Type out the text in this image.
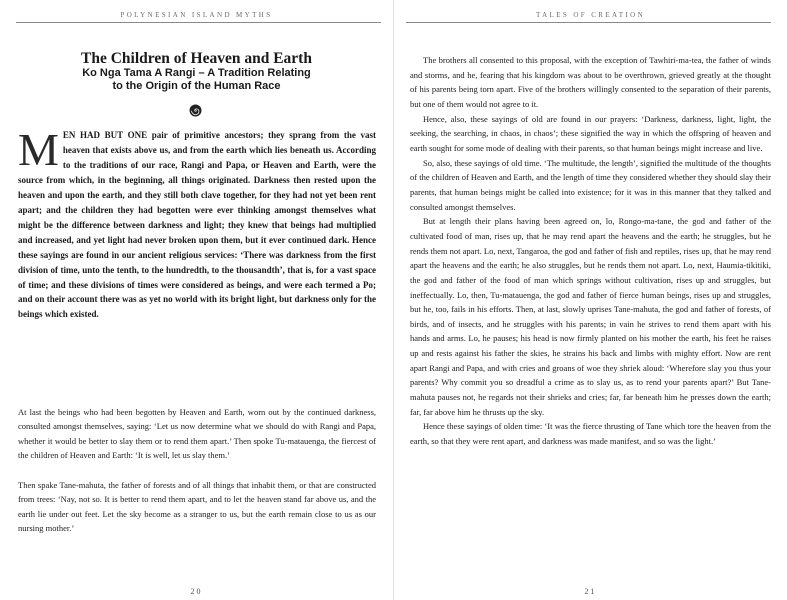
POLYNESIAN ISLAND MYTHS
The Children of Heaven and Earth
Ko Nga Tama A Rangi – A Tradition Relating
to the Origin of the Human Race

MEN HAD BUT ONE pair of primitive ancestors; they sprang from the vast heaven that exists above us, and from the earth which lies beneath us. According to the traditions of our race, Rangi and Papa, or Heaven and Earth, were the source from which, in the beginning, all things originated. Darkness then rested upon the heaven and upon the earth, and they still both clave together, for they had not yet been rent apart; and the children they had begotten were ever thinking amongst themselves what might be the difference between darkness and light; they knew that beings had multiplied and increased, and yet light had never broken upon them, but it ever continued dark. Hence these sayings are found in our ancient religious services: ‘There was darkness from the first division of time, unto the tenth, to the hundredth, to the thousandth’, that is, for a vast space of time; and these divisions of times were considered as beings, and were each termed a Po; and on their account there was as yet no world with its bright light, but darkness only for the beings which existed.

At last the beings who had been begotten by Heaven and Earth, worn out by the continued darkness, consulted amongst themselves, saying: ‘Let us now determine what we should do with Rangi and Papa, whether it would be better to slay them or to rend them apart.’ Then spoke Tu-matauenga, the fiercest of the children of Heaven and Earth: ‘It is well, let us slay them.’

Then spake Tane-mahuta, the father of forests and of all things that inhabit them, or that are constructed from trees: ‘Nay, not so. It is better to rend them apart, and to let the heaven stand far above us, and the earth lie under out feet. Let the sky become as a stranger to us, but the earth remain close to us as our nursing mother.’

20
TALES OF CREATION

The brothers all consented to this proposal, with the exception of Tawhiri-ma-tea, the father of winds and storms, and he, fearing that his kingdom was about to be overthrown, grieved greatly at the thought of his parents being torn apart. Five of the brothers willingly consented to the separation of their parents, but one of them would not agree to it.

Hence, also, these sayings of old are found in our prayers: ‘Darkness, darkness, light, light, the seeking, the searching, in chaos, in chaos’; these signified the way in which the offspring of heaven and earth sought for some mode of dealing with their parents, so that human beings might increase and live.

So, also, these sayings of old time. ‘The multitude, the length’, signified the multitude of the thoughts of the children of Heaven and Earth, and the length of time they considered whether they should slay their parents, that human beings might be called into existence; for it was in this manner that they talked and consulted amongst themselves.

But at length their plans having been agreed on, lo, Rongo-ma-tane, the god and father of the cultivated food of man, rises up, that he may rend apart the heavens and the earth; he struggles, but he rends them not apart. Lo, next, Tangaroa, the god and father of fish and reptiles, rises up, that he may rend apart the heavens and the earth; he also struggles, but he rends them not apart. Lo, next, Haumia-tikitiki, the god and father of the food of man which springs without cultivation, rises up and struggles, but ineffectually. Lo, then, Tu-matauenga, the god and father of fierce human beings, rises up and struggles, but he, too, fails in his efforts. Then, at last, slowly uprises Tane-mahuta, the god and father of forests, of birds, and of insects, and he struggles with his parents; in vain he strives to rend them apart with his hands and arms. Lo, he pauses; his head is now firmly planted on his mother the earth, his feet he raises up and rests against his father the skies, he strains his back and limbs with mighty effort. Now are rent apart Rangi and Papa, and with cries and groans of woe they shriek aloud: ‘Wherefore slay you thus your parents? Why commit you so dreadful a crime as to slay us, as to rend your parents apart?’ But Tane-mahuta pauses not, he regards not their shrieks and cries; far, far beneath him he presses down the earth; far, far above him he thrusts up the sky.

Hence these sayings of olden time: ‘It was the fierce thrusting of Tane which tore the heaven from the earth, so that they were rent apart, and darkness was made manifest, and so was the light.’

21
